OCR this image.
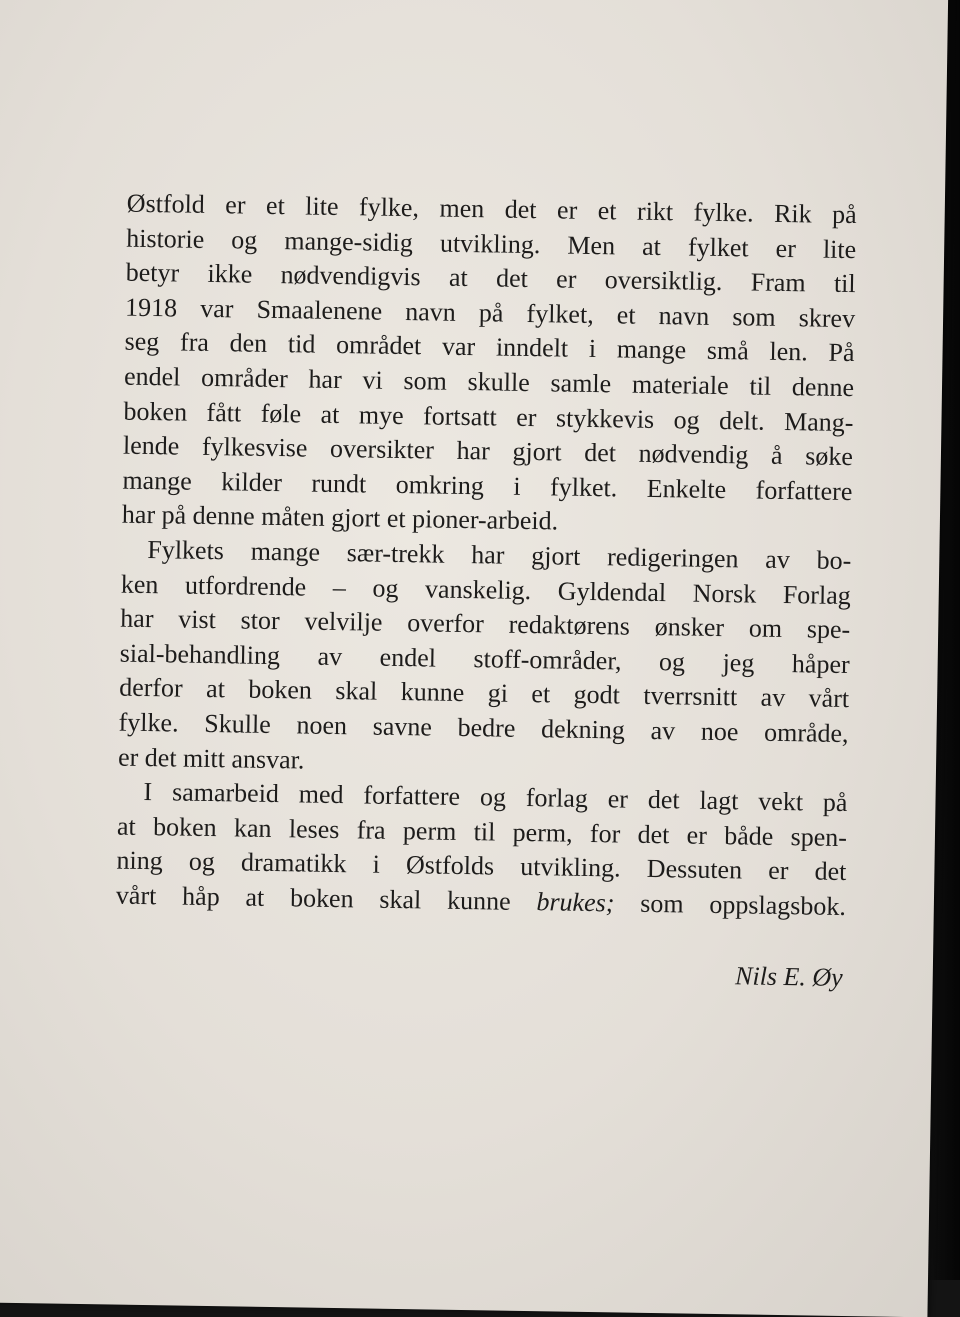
Østfold er et lite fylke, men det er et rikt fylke. Rik på
historie og mange-sidig utvikling. Men at fylket er lite
betyr ikke nødvendigvis at det er oversiktlig. Fram til
1918 var Smaalenene navn på fylket, et navn som skrev
seg fra den tid området var inndelt i mange små len. På
endel områder har vi som skulle samle materiale til denne
boken fått føle at mye fortsatt er stykkevis og delt. Mang-
lende fylkesvise oversikter har gjort det nødvendig å søke
mange kilder rundt omkring i fylket. Enkelte forfattere
har på denne måten gjort et pioner-arbeid.

Fylkets mange sær-trekk har gjort redigeringen av bo-
ken utfordrende – og vanskelig. Gyldendal Norsk Forlag
har vist stor velvilje overfor redaktørens ønsker om spe-
sial-behandling av endel stoff-områder, og jeg håper
derfor at boken skal kunne gi et godt tverrsnitt av vårt
fylke. Skulle noen savne bedre dekning av noe område,
er det mitt ansvar.

I samarbeid med forfattere og forlag er det lagt vekt på
at boken kan leses fra perm til perm, for det er både spen-
ning og dramatikk i Østfolds utvikling. Dessuten er det
vårt håp at boken skal kunne brukes; som oppslagsbok.

Nils E. Øy
